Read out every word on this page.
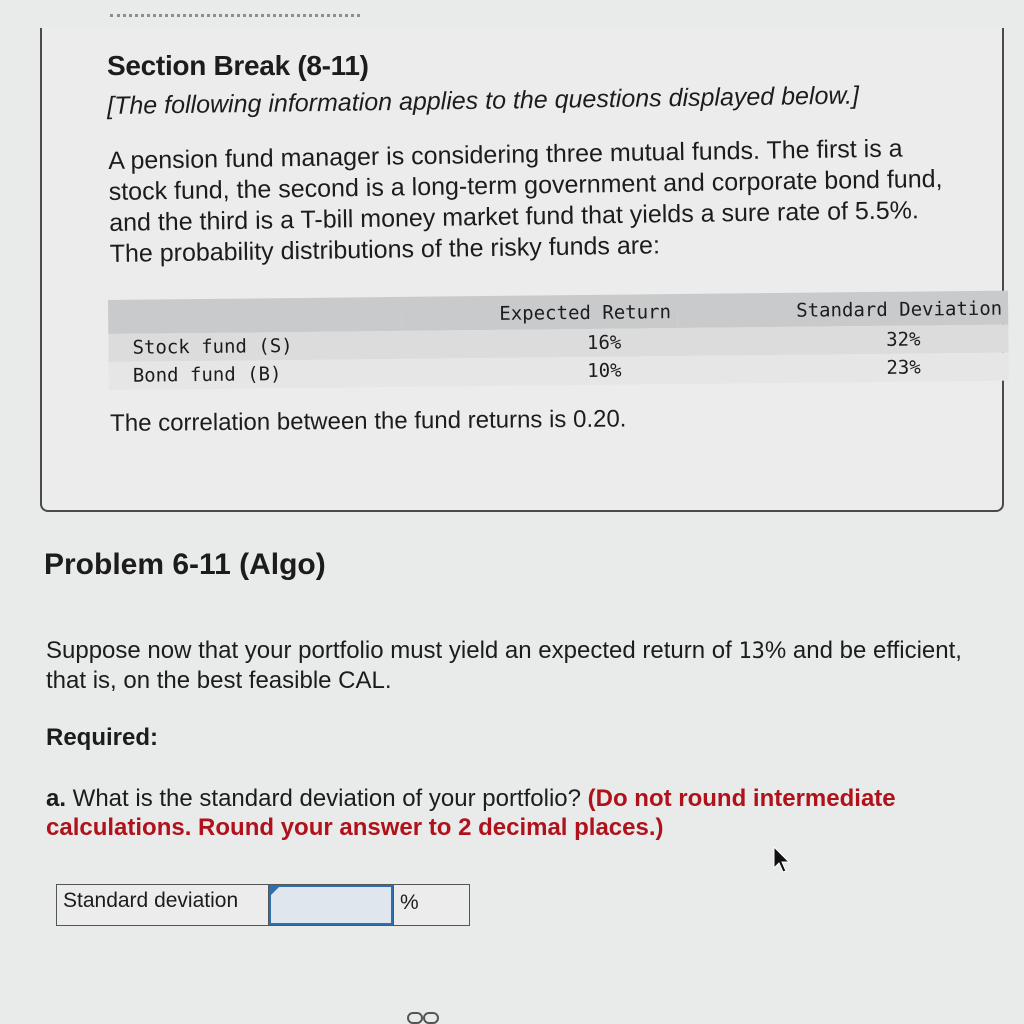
Section Break (8-11)

[The following information applies to the questions displayed below.]

A pension fund manager is considering three mutual funds. The first is a stock fund, the second is a long-term government and corporate bond fund, and the third is a T-bill money market fund that yields a sure rate of 5.5%. The probability distributions of the risky funds are:

	Expected Return	Standard Deviation
Stock fund (S)	16%	32%
Bond fund (B)	10%	23%

The correlation between the fund returns is 0.20.

Problem 6-11 (Algo)

Suppose now that your portfolio must yield an expected return of 13% and be efficient, that is, on the best feasible CAL.

Required:

a. What is the standard deviation of your portfolio? (Do not round intermediate calculations. Round your answer to 2 decimal places.)

Standard deviation	%
